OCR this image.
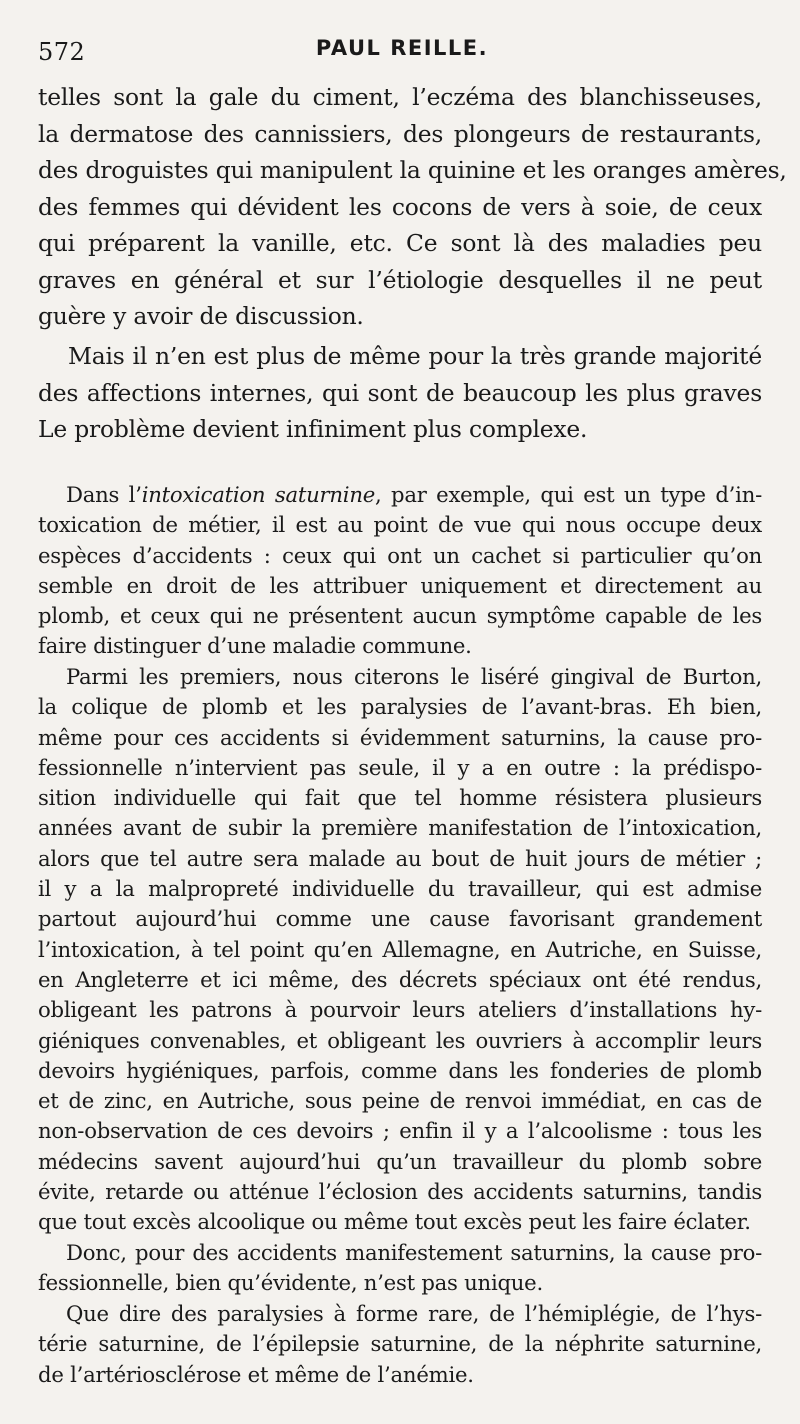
572	PAUL REILLE.
telles sont la gale du ciment, l’eczéma des blanchisseuses,
la dermatose des cannissiers, des plongeurs de restaurants,
des droguistes qui manipulent la quinine et les oranges amères,
des femmes qui dévident les cocons de vers à soie, de ceux
qui préparent la vanille, etc. Ce sont là des maladies peu
graves en général et sur l’étiologie desquelles il ne peut
guère y avoir de discussion.
Mais il n’en est plus de même pour la très grande majorité
des affections internes, qui sont de beaucoup les plus graves
Le problème devient infiniment plus complexe.
Dans l’intoxication saturnine, par exemple, qui est un type d’in-
toxication de métier, il est au point de vue qui nous occupe deux
espèces d’accidents : ceux qui ont un cachet si particulier qu’on
semble en droit de les attribuer uniquement et directement au
plomb, et ceux qui ne présentent aucun symptôme capable de les
faire distinguer d’une maladie commune.
Parmi les premiers, nous citerons le liséré gingival de Burton,
la colique de plomb et les paralysies de l’avant-bras. Eh bien,
même pour ces accidents si évidemment saturnins, la cause pro-
fessionnelle n’intervient pas seule, il y a en outre : la prédispo-
sition individuelle qui fait que tel homme résistera plusieurs
années avant de subir la première manifestation de l’intoxication,
alors que tel autre sera malade au bout de huit jours de métier ;
il y a la malpropreté individuelle du travailleur, qui est admise
partout aujourd’hui comme une cause favorisant grandement
l’intoxication, à tel point qu’en Allemagne, en Autriche, en Suisse,
en Angleterre et ici même, des décrets spéciaux ont été rendus,
obligeant les patrons à pourvoir leurs ateliers d’installations hy-
giéniques convenables, et obligeant les ouvriers à accomplir leurs
devoirs hygiéniques, parfois, comme dans les fonderies de plomb
et de zinc, en Autriche, sous peine de renvoi immédiat, en cas de
non-observation de ces devoirs ; enfin il y a l’alcoolisme : tous les
médecins savent aujourd’hui qu’un travailleur du plomb sobre
évite, retarde ou atténue l’éclosion des accidents saturnins, tandis
que tout excès alcoolique ou même tout excès peut les faire éclater.
Donc, pour des accidents manifestement saturnins, la cause pro-
fessionnelle, bien qu’évidente, n’est pas unique.
Que dire des paralysies à forme rare, de l’hémiplégie, de l’hys-
térie saturnine, de l’épilepsie saturnine, de la néphrite saturnine,
de l’artériosclérose et même de l’anémie.
